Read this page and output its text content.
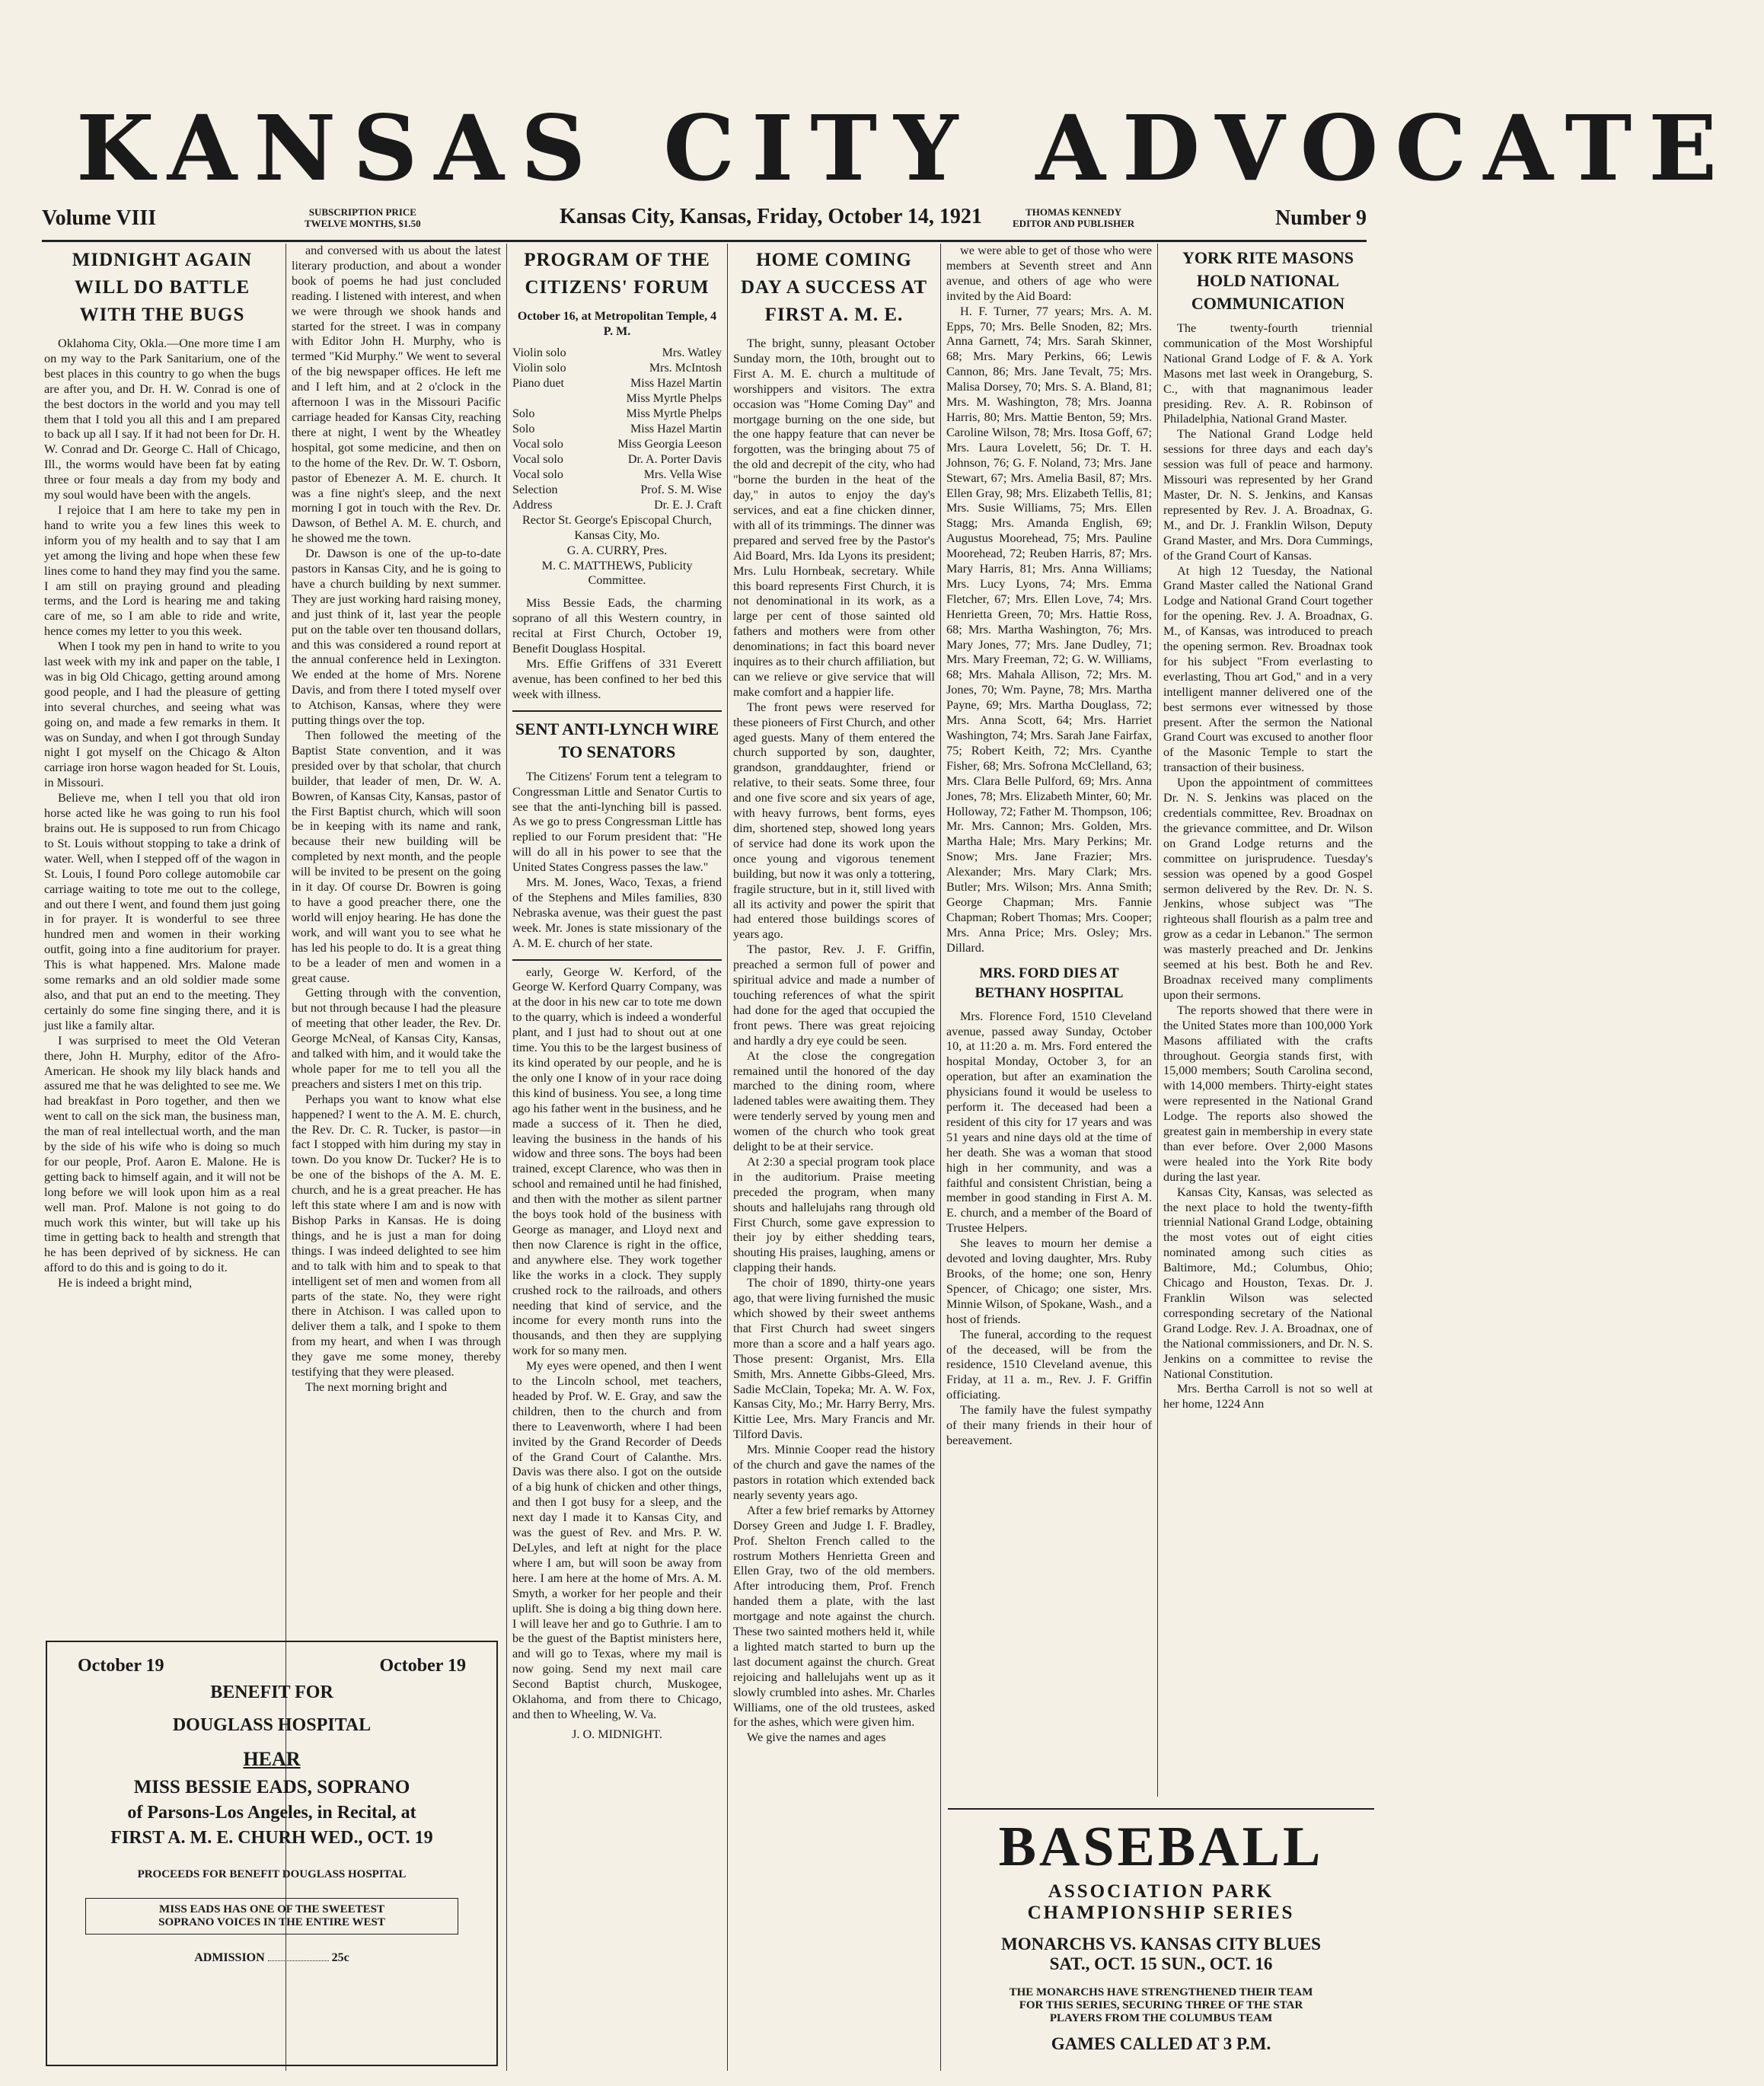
KANSAS CITY ADVOCATE
Volume VIII	SUBSCRIPTION PRICE
TWELVE MONTHS, $1.50	Kansas City, Kansas, Friday, October 14, 1921	THOMAS KENNEDY
EDITOR AND PUBLISHER	Number 9
MIDNIGHT AGAIN WILL DO BATTLE WITH THE BUGS

Oklahoma City, Okla.—One more time I am on my way to the Park Sanitarium, one of the best places in this country to go when the bugs are after you, and Dr. H. W. Conrad is one of the best doctors in the world and you may tell them that I told you all this and I am prepared to back up all I say. If it had not been for Dr. H. W. Conrad and Dr. George C. Hall of Chicago, Ill., the worms would have been fat by eating three or four meals a day from my body and my soul would have been with the angels.

I rejoice that I am here to take my pen in hand to write you a few lines this week to inform you of my health and to say that I am yet among the living and hope when these few lines come to hand they may find you the same. I am still on praying ground and pleading terms, and the Lord is hearing me and taking care of me, so I am able to ride and write, hence comes my letter to you this week.

When I took my pen in hand to write to you last week with my ink and paper on the table, I was in big Old Chicago, getting around among good people, and I had the pleasure of getting into several churches, and seeing what was going on, and made a few remarks in them. It was on Sunday, and when I got through Sunday night I got myself on the Chicago & Alton carriage iron horse wagon headed for St. Louis, in Missouri.

Believe me, when I tell you that old iron horse acted like he was going to run his fool brains out. He is supposed to run from Chicago to St. Louis without stopping to take a drink of water. Well, when I stepped off of the wagon in St. Louis, I found Poro college automobile car carriage waiting to tote me out to the college, and out there I went, and found them just going in for prayer. It is wonderful to see three hundred men and women in their working outfit, going into a fine auditorium for prayer. This is what happened. Mrs. Malone made some remarks and an old soldier made some also, and that put an end to the meeting. They certainly do some fine singing there, and it is just like a family altar.

I was surprised to meet the Old Veteran there, John H. Murphy, editor of the Afro-American. He shook my lily black hands and assured me that he was delighted to see me. We had breakfast in Poro together, and then we went to call on the sick man, the business man, the man of real intellectual worth, and the man by the side of his wife who is doing so much for our people, Prof. Aaron E. Malone. He is getting back to himself again, and it will not be long before we will look upon him as a real well man. Prof. Malone is not going to do much work this winter, but will take up his time in getting back to health and strength that he has been deprived of by sickness. He can afford to do this and is going to do it.

He is indeed a bright mind,

and conversed with us about the latest literary production, and about a wonder book of poems he had just concluded reading. I listened with interest, and when we were through we shook hands and started for the street. I was in company with Editor John H. Murphy, who is termed "Kid Murphy." We went to several of the big newspaper offices. He left me and I left him, and at 2 o'clock in the afternoon I was in the Missouri Pacific carriage headed for Kansas City, reaching there at night, I went by the Wheatley hospital, got some medicine, and then on to the home of the Rev. Dr. W. T. Osborn, pastor of Ebenezer A. M. E. church. It was a fine night's sleep, and the next morning I got in touch with the Rev. Dr. Dawson, of Bethel A. M. E. church, and he showed me the town.

Dr. Dawson is one of the up-to-date pastors in Kansas City, and he is going to have a church building by next summer. They are just working hard raising money, and just think of it, last year the people put on the table over ten thousand dollars, and this was considered a round report at the annual conference held in Lexington. We ended at the home of Mrs. Norene Davis, and from there I toted myself over to Atchison, Kansas, where they were putting things over the top.

Then followed the meeting of the Baptist State convention, and it was presided over by that scholar, that church builder, that leader of men, Dr. W. A. Bowren, of Kansas City, Kansas, pastor of the First Baptist church, which will soon be in keeping with its name and rank, because their new building will be completed by next month, and the people will be invited to be present on the going in it day. Of course Dr. Bowren is going to have a good preacher there, one the world will enjoy hearing. He has done the work, and will want you to see what he has led his people to do. It is a great thing to be a leader of men and women in a great cause.

Getting through with the convention, but not through because I had the pleasure of meeting that other leader, the Rev. Dr. George McNeal, of Kansas City, Kansas, and talked with him, and it would take the whole paper for me to tell you all the preachers and sisters I met on this trip.

Perhaps you want to know what else happened? I went to the A. M. E. church, the Rev. Dr. C. R. Tucker, is pastor—in fact I stopped with him during my stay in town. Do you know Dr. Tucker? He is to be one of the bishops of the A. M. E. church, and he is a great preacher. He has left this state where I am and is now with Bishop Parks in Kansas. He is doing things, and he is just a man for doing things. I was indeed delighted to see him and to talk with him and to speak to that intelligent set of men and women from all parts of the state. No, they were right there in Atchison. I was called upon to deliver them a talk, and I spoke to them from my heart, and when I was through they gave me some money, thereby testifying that they were pleased.

The next morning bright and

October 19	October 19
BENEFIT FOR
DOUGLASS HOSPITAL
HEAR
MISS BESSIE EADS, SOPRANO
of Parsons-Los Angeles, in Recital, at
FIRST A. M. E. CHURH WED., OCT. 19
PROCEEDS FOR BENEFIT DOUGLASS HOSPITAL
MISS EADS HAS ONE OF THE SWEETEST
SOPRANO VOICES IN THE ENTIRE WEST
ADMISSION	25c
PROGRAM OF THE CITIZENS' FORUM
October 16, at Metropolitan Temple, 4 P. M.
Violin solo	Mrs. Watley
Violin solo	Mrs. McIntosh
Piano duet	Miss Hazel Martin
Miss Myrtle Phelps
Solo	Miss Myrtle Phelps
Solo	Miss Hazel Martin
Vocal solo	Miss Georgia Leeson
Vocal solo	Dr. A. Porter Davis
Vocal solo	Mrs. Vella Wise
Selection	Prof. S. M. Wise
Address	Dr. E. J. Craft
Rector St. George's Episcopal Church, Kansas City, Mo.
G. A. CURRY, Pres.
M. C. MATTHEWS, Publicity Committee.

Miss Bessie Eads, the charming soprano of all this Western country, in recital at First Church, October 19, Benefit Douglass Hospital.

Mrs. Effie Griffens of 331 Everett avenue, has been confined to her bed this week with illness.

SENT ANTI-LYNCH WIRE TO SENATORS

The Citizens' Forum tent a telegram to Congressman Little and Senator Curtis to see that the anti-lynching bill is passed. As we go to press Congressman Little has replied to our Forum president that: "He will do all in his power to see that the United States Congress passes the law."

Mrs. M. Jones, Waco, Texas, a friend of the Stephens and Miles families, 830 Nebraska avenue, was their guest the past week. Mr. Jones is state missionary of the A. M. E. church of her state.

early, George W. Kerford, of the George W. Kerford Quarry Company, was at the door in his new car to tote me down to the quarry, which is indeed a wonderful plant, and I just had to shout out at one time. You this to be the largest business of its kind operated by our people, and he is the only one I know of in your race doing this kind of business. You see, a long time ago his father went in the business, and he made a success of it. Then he died, leaving the business in the hands of his widow and three sons. The boys had been trained, except Clarence, who was then in school and remained until he had finished, and then with the mother as silent partner the boys took hold of the business with George as manager, and Lloyd next and then now Clarence is right in the office, and anywhere else. They work together like the works in a clock. They supply crushed rock to the railroads, and others needing that kind of service, and the income for every month runs into the thousands, and then they are supplying work for so many men.

My eyes were opened, and then I went to the Lincoln school, met teachers, headed by Prof. W. E. Gray, and saw the children, then to the church and from there to Leavenworth, where I had been invited by the Grand Recorder of Deeds of the Grand Court of Calanthe. Mrs. Davis was there also. I got on the outside of a big hunk of chicken and other things, and then I got busy for a sleep, and the next day I made it to Kansas City, and was the guest of Rev. and Mrs. P. W. DeLyles, and left at night for the place where I am, but will soon be away from here. I am here at the home of Mrs. A. M. Smyth, a worker for her people and their uplift. She is doing a big thing down here. I will leave her and go to Guthrie. I am to be the guest of the Baptist ministers here, and will go to Texas, where my mail is now going. Send my next mail care Second Baptist church, Muskogee, Oklahoma, and from there to Chicago, and then to Wheeling, W. Va.

J. O. MIDNIGHT.
HOME COMING DAY A SUCCESS AT FIRST A. M. E.

The bright, sunny, pleasant October Sunday morn, the 10th, brought out to First A. M. E. church a multitude of worshippers and visitors. The extra occasion was "Home Coming Day" and mortgage burning on the one side, but the one happy feature that can never be forgotten, was the bringing about 75 of the old and decrepit of the city, who had "borne the burden in the heat of the day," in autos to enjoy the day's services, and eat a fine chicken dinner, with all of its trimmings. The dinner was prepared and served free by the Pastor's Aid Board, Mrs. Ida Lyons its president; Mrs. Lulu Hornbeak, secretary. While this board represents First Church, it is not denominational in its work, as a large per cent of those sainted old fathers and mothers were from other denominations; in fact this board never inquires as to their church affiliation, but can we relieve or give service that will make comfort and a happier life.

The front pews were reserved for these pioneers of First Church, and other aged guests. Many of them entered the church supported by son, daughter, grandson, granddaughter, friend or relative, to their seats. Some three, four and one five score and six years of age, with heavy furrows, bent forms, eyes dim, shortened step, showed long years of service had done its work upon the once young and vigorous tenement building, but now it was only a tottering, fragile structure, but in it, still lived with all its activity and power the spirit that had entered those buildings scores of years ago.

The pastor, Rev. J. F. Griffin, preached a sermon full of power and spiritual advice and made a number of touching references of what the spirit had done for the aged that occupied the front pews. There was great rejoicing and hardly a dry eye could be seen.

At the close the congregation remained until the honored of the day marched to the dining room, where ladened tables were awaiting them. They were tenderly served by young men and women of the church who took great delight to be at their service.

At 2:30 a special program took place in the auditorium. Praise meeting preceded the program, when many shouts and hallelujahs rang through old First Church, some gave expression to their joy by either shedding tears, shouting His praises, laughing, amens or clapping their hands.

The choir of 1890, thirty-one years ago, that were living furnished the music which showed by their sweet anthems that First Church had sweet singers more than a score and a half years ago. Those present: Organist, Mrs. Ella Smith, Mrs. Annette Gibbs-Gleed, Mrs. Sadie McClain, Topeka; Mr. A. W. Fox, Kansas City, Mo.; Mr. Harry Berry, Mrs. Kittie Lee, Mrs. Mary Francis and Mr. Tilford Davis.

Mrs. Minnie Cooper read the history of the church and gave the names of the pastors in rotation which extended back nearly seventy years ago.

After a few brief remarks by Attorney Dorsey Green and Judge I. F. Bradley, Prof. Shelton French called to the rostrum Mothers Henrietta Green and Ellen Gray, two of the old members. After introducing them, Prof. French handed them a plate, with the last mortgage and note against the church. These two sainted mothers held it, while a lighted match started to burn up the last document against the church. Great rejoicing and hallelujahs went up as it slowly crumbled into ashes. Mr. Charles Williams, one of the old trustees, asked for the ashes, which were given him.

We give the names and ages

we were able to get of those who were members at Seventh street and Ann avenue, and others of age who were invited by the Aid Board:

H. F. Turner, 77 years; Mrs. A. M. Epps, 70; Mrs. Belle Snoden, 82; Mrs. Anna Garnett, 74; Mrs. Sarah Skinner, 68; Mrs. Mary Perkins, 66; Lewis Cannon, 86; Mrs. Jane Tevalt, 75; Mrs. Malisa Dorsey, 70; Mrs. S. A. Bland, 81; Mrs. M. Washington, 78; Mrs. Joanna Harris, 80; Mrs. Mattie Benton, 59; Mrs. Caroline Wilson, 78; Mrs. Itosa Goff, 67; Mrs. Laura Lovelett, 56; Dr. T. H. Johnson, 76; G. F. Noland, 73; Mrs. Jane Stewart, 67; Mrs. Amelia Basil, 87; Mrs. Ellen Gray, 98; Mrs. Elizabeth Tellis, 81; Mrs. Susie Williams, 75; Mrs. Ellen Stagg; Mrs. Amanda English, 69; Augustus Moorehead, 75; Mrs. Pauline Moorehead, 72; Reuben Harris, 87; Mrs. Mary Harris, 81; Mrs. Anna Williams; Mrs. Lucy Lyons, 74; Mrs. Emma Fletcher, 67; Mrs. Ellen Love, 74; Mrs. Henrietta Green, 70; Mrs. Hattie Ross, 68; Mrs. Martha Washington, 76; Mrs. Mary Jones, 77; Mrs. Jane Dudley, 71; Mrs. Mary Freeman, 72; G. W. Williams, 68; Mrs. Mahala Allison, 72; Mrs. M. Jones, 70; Wm. Payne, 78; Mrs. Martha Payne, 69; Mrs. Martha Douglass, 72; Mrs. Anna Scott, 64; Mrs. Harriet Washington, 74; Mrs. Sarah Jane Fairfax, 75; Robert Keith, 72; Mrs. Cyanthe Fisher, 68; Mrs. Sofrona McClelland, 63; Mrs. Clara Belle Pulford, 69; Mrs. Anna Jones, 78; Mrs. Elizabeth Minter, 60; Mr. Holloway, 72; Father M. Thompson, 106; Mr. Mrs. Cannon; Mrs. Golden, Mrs. Martha Hale; Mrs. Mary Perkins; Mr. Snow; Mrs. Jane Frazier; Mrs. Alexander; Mrs. Mary Clark; Mrs. Butler; Mrs. Wilson; Mrs. Anna Smith; George Chapman; Mrs. Fannie Chapman; Robert Thomas; Mrs. Cooper; Mrs. Anna Price; Mrs. Osley; Mrs. Dillard.

MRS. FORD DIES AT BETHANY HOSPITAL

Mrs. Florence Ford, 1510 Cleveland avenue, passed away Sunday, October 10, at 11:20 a. m. Mrs. Ford entered the hospital Monday, October 3, for an operation, but after an examination the physicians found it would be useless to perform it. The deceased had been a resident of this city for 17 years and was 51 years and nine days old at the time of her death. She was a woman that stood high in her community, and was a faithful and consistent Christian, being a member in good standing in First A. M. E. church, and a member of the Board of Trustee Helpers.

She leaves to mourn her demise a devoted and loving daughter, Mrs. Ruby Brooks, of the home; one son, Henry Spencer, of Chicago; one sister, Mrs. Minnie Wilson, of Spokane, Wash., and a host of friends.

The funeral, according to the request of the deceased, will be from the residence, 1510 Cleveland avenue, this Friday, at 11 a. m., Rev. J. F. Griffin officiating.

The family have the fulest sympathy of their many friends in their hour of bereavement.

YORK RITE MASONS HOLD NATIONAL COMMUNICATION

The twenty-fourth triennial communication of the Most Worshipful National Grand Lodge of F. & A. York Masons met last week in Orangeburg, S. C., with that magnanimous leader presiding. Rev. A. R. Robinson of Philadelphia, National Grand Master.

The National Grand Lodge held sessions for three days and each day's session was full of peace and harmony. Missouri was represented by her Grand Master, Dr. N. S. Jenkins, and Kansas represented by Rev. J. A. Broadnax, G. M., and Dr. J. Franklin Wilson, Deputy Grand Master, and Mrs. Dora Cummings, of the Grand Court of Kansas.

At high 12 Tuesday, the National Grand Master called the National Grand Lodge and National Grand Court together for the opening. Rev. J. A. Broadnax, G. M., of Kansas, was introduced to preach the opening sermon. Rev. Broadnax took for his subject "From everlasting to everlasting, Thou art God," and in a very intelligent manner delivered one of the best sermons ever witnessed by those present. After the sermon the National Grand Court was excused to another floor of the Masonic Temple to start the transaction of their business.

Upon the appointment of committees Dr. N. S. Jenkins was placed on the credentials committee, Rev. Broadnax on the grievance committee, and Dr. Wilson on Grand Lodge returns and the committee on jurisprudence. Tuesday's session was opened by a good Gospel sermon delivered by the Rev. Dr. N. S. Jenkins, whose subject was "The righteous shall flourish as a palm tree and grow as a cedar in Lebanon." The sermon was masterly preached and Dr. Jenkins seemed at his best. Both he and Rev. Broadnax received many compliments upon their sermons.

The reports showed that there were in the United States more than 100,000 York Masons affiliated with the crafts throughout. Georgia stands first, with 15,000 members; South Carolina second, with 14,000 members. Thirty-eight states were represented in the National Grand Lodge. The reports also showed the greatest gain in membership in every state than ever before. Over 2,000 Masons were healed into the York Rite body during the last year.

Kansas City, Kansas, was selected as the next place to hold the twenty-fifth triennial National Grand Lodge, obtaining the most votes out of eight cities nominated among such cities as Baltimore, Md.; Columbus, Ohio; Chicago and Houston, Texas. Dr. J. Franklin Wilson was selected corresponding secretary of the National Grand Lodge. Rev. J. A. Broadnax, one of the National commissioners, and Dr. N. S. Jenkins on a committee to revise the National Constitution.

Mrs. Bertha Carroll is not so well at her home, 1224 Ann

BASEBALL
ASSOCIATION PARK
CHAMPIONSHIP SERIES
MONARCHS VS. KANSAS CITY BLUES
SAT., OCT. 15 SUN., OCT. 16
THE MONARCHS HAVE STRENGTHENED THEIR TEAM
FOR THIS SERIES, SECURING THREE OF THE STAR
PLAYERS FROM THE COLUMBUS TEAM
GAMES CALLED AT 3 P.M.
